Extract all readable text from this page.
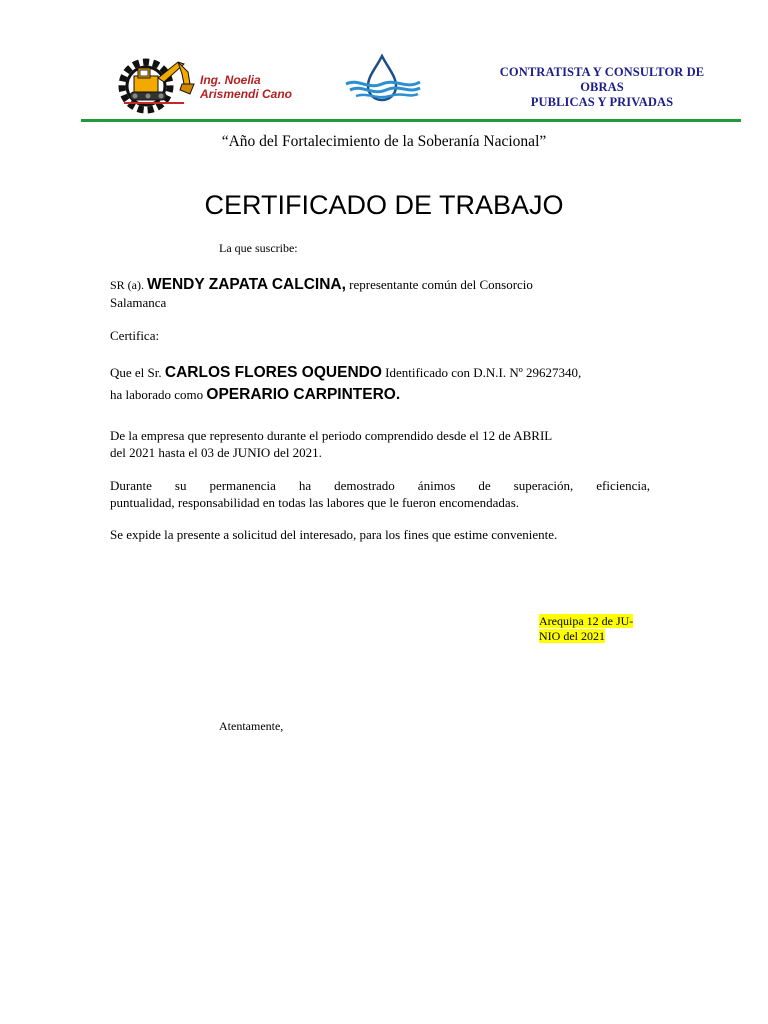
Ing. Noelia
Arismendi Cano
CONTRATISTA Y CONSULTOR DE OBRAS
PUBLICAS Y PRIVADAS
“Año del Fortalecimiento de la Soberanía Nacional”
CERTIFICADO DE TRABAJO
La que suscribe:
SR (a). WENDY ZAPATA CALCINA, representante común del Consorcio
Salamanca
Certifica:
Que el Sr. CARLOS FLORES OQUENDO Identificado con D.N.I. Nº 29627340,
ha laborado como OPERARIO CARPINTERO.
De la empresa que represento durante el periodo comprendido desde el 12 de ABRIL
del 2021 hasta el 03 de JUNIO del 2021.
Durante su permanencia ha demostrado ánimos de superación, eficiencia,
puntualidad, responsabilidad en todas las labores que le fueron encomendadas.
Se expide la presente a solicitud del interesado, para los fines que estime conveniente.
Arequipa 12 de JU-
NIO del 2021
Atentamente,
